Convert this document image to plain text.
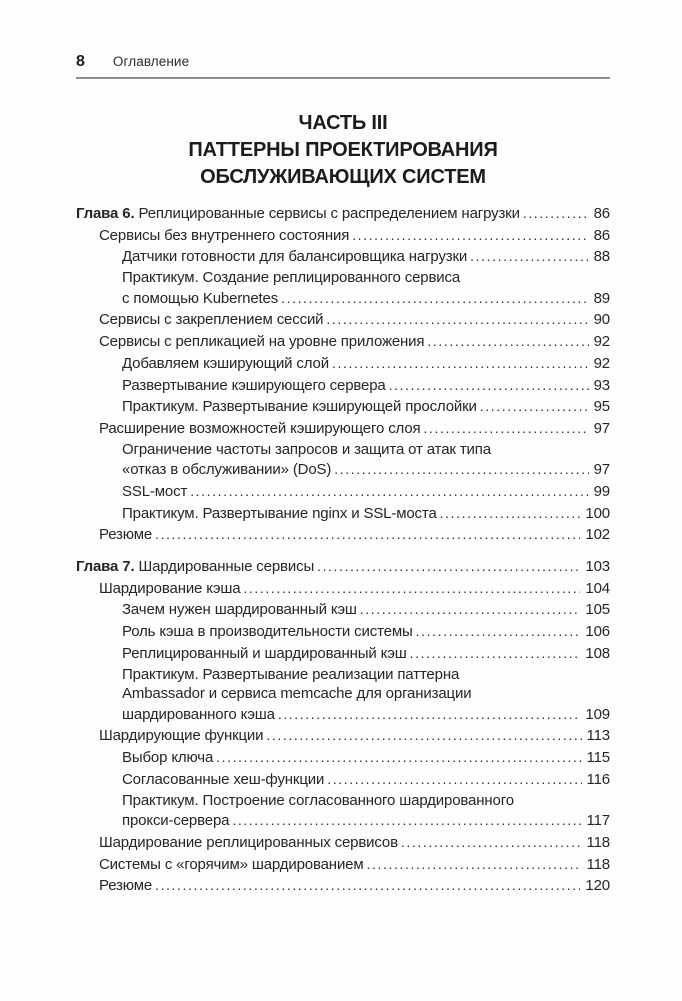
8 Оглавление
ЧАСТЬ III
ПАТТЕРНЫ ПРОЕКТИРОВАНИЯ
ОБСЛУЖИВАЮЩИХ СИСТЕМ
Глава 6. Реплицированные сервисы с распределением нагрузки .....	86
Сервисы без внутреннего состояния .....	86
Датчики готовности для балансировщика нагрузки .....	88
Практикум. Создание реплицированного сервиса
с помощью Kubernetes .....	89
Сервисы с закреплением сессий .....	90
Сервисы с репликацией на уровне приложения .....	92
Добавляем кэширующий слой .....	92
Развертывание кэширующего сервера .....	93
Практикум. Развертывание кэширующей прослойки .....	95
Расширение возможностей кэширующего слоя .....	97
Ограничение частоты запросов и защита от атак типа
«отказ в обслуживании» (DoS) .....	97
SSL-мост .....	99
Практикум. Развертывание nginx и SSL-моста .....	100
Резюме .....	102
Глава 7. Шардированные сервисы .....	103
Шардирование кэша .....	104
Зачем нужен шардированный кэш .....	105
Роль кэша в производительности системы .....	106
Реплицированный и шардированный кэш .....	108
Практикум. Развертывание реализации паттерна
Ambassador и сервиса memcache для организации
шардированного кэша .....	109
Шардирующие функции .....	113
Выбор ключа .....	115
Согласованные хеш-функции .....	116
Практикум. Построение согласованного шардированного
прокси-сервера .....	117
Шардирование реплицированных сервисов .....	118
Системы с «горячим» шардированием .....	118
Резюме .....	120
